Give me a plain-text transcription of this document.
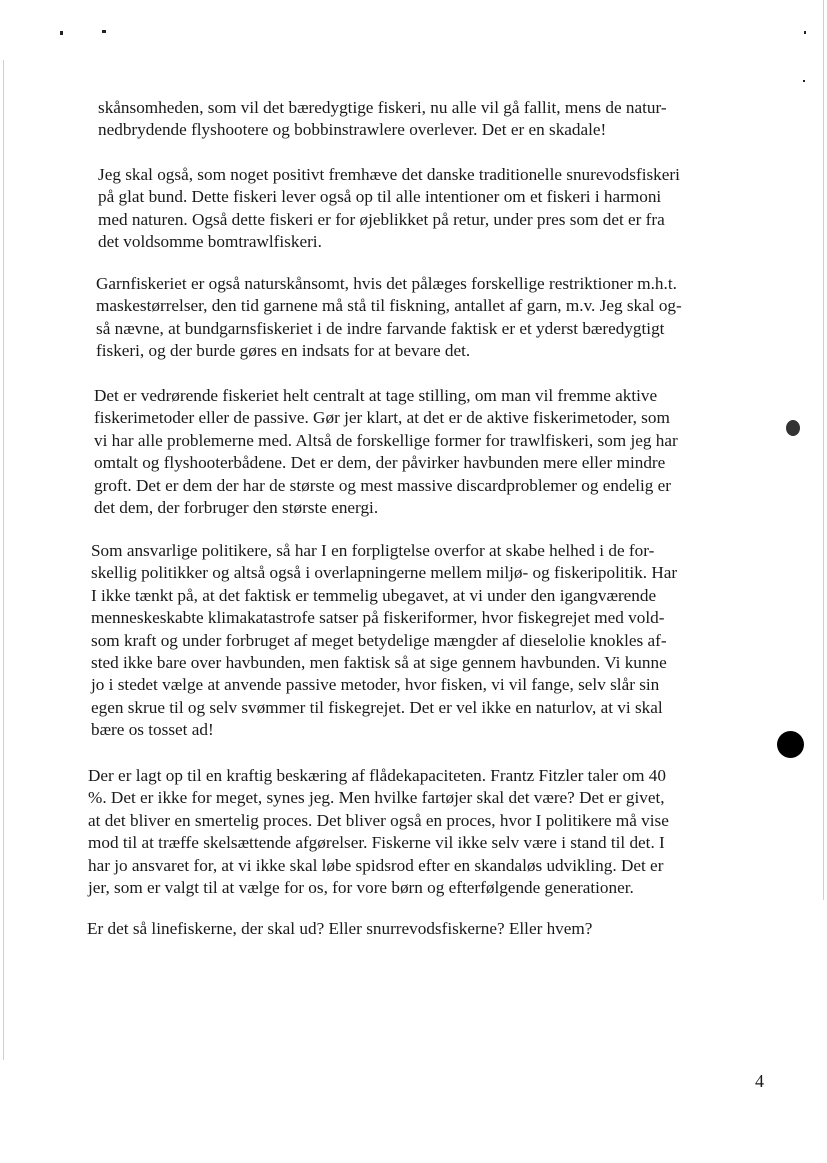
skånsomheden, som vil det bæredygtige fiskeri, nu alle vil gå fallit, mens de natur-
nedbrydende flyshootere og bobbinstrawlere overlever. Det er en skadale!
Jeg skal også, som noget positivt fremhæve det danske traditionelle snurevodsfiskeri
på glat bund. Dette fiskeri lever også op til alle intentioner om et fiskeri i harmoni
med naturen. Også dette fiskeri er for øjeblikket på retur, under pres som det er fra
det voldsomme bomtrawlfiskeri.
Garnfiskeriet er også naturskånsomt, hvis det pålæges forskellige restriktioner m.h.t.
maskestørrelser, den tid garnene må stå til fiskning, antallet af garn, m.v. Jeg skal og-
så nævne, at bundgarnsfiskeriet i de indre farvande faktisk er et yderst bæredygtigt
fiskeri, og der burde gøres en indsats for at bevare det.
Det er vedrørende fiskeriet helt centralt at tage stilling, om man vil fremme aktive
fiskerimetoder eller de passive. Gør jer klart, at det er de aktive fiskerimetoder, som
vi har alle problemerne med. Altså de forskellige former for trawlfiskeri, som jeg har
omtalt og flyshooterbådene. Det er dem, der påvirker havbunden mere eller mindre
groft. Det er dem der har de største og mest massive discardproblemer og endelig er
det dem, der forbruger den største energi.
Som ansvarlige politikere, så har I en forpligtelse overfor at skabe helhed i de for-
skellig politikker og altså også i overlapningerne mellem miljø- og fiskeripolitik. Har
I ikke tænkt på, at det faktisk er temmelig ubegavet, at vi under den igangværende
menneskeskabte klimakatastrofe satser på fiskeriformer, hvor fiskegrejet med vold-
som kraft og under forbruget af meget betydelige mængder af dieselolie knokles af-
sted ikke bare over havbunden, men faktisk så at sige gennem havbunden. Vi kunne
jo i stedet vælge at anvende passive metoder, hvor fisken, vi vil fange, selv slår sin
egen skrue til og selv svømmer til fiskegrejet. Det er vel ikke en naturlov, at vi skal
bære os tosset ad!
Der er lagt op til en kraftig beskæring af flådekapaciteten. Frantz Fitzler taler om 40
%. Det er ikke for meget, synes jeg. Men hvilke fartøjer skal det være? Det er givet,
at det bliver en smertelig proces. Det bliver også en proces, hvor I politikere må vise
mod til at træffe skelsættende afgørelser. Fiskerne vil ikke selv være i stand til det. I
har jo ansvaret for, at vi ikke skal løbe spidsrod efter en skandaløs udvikling. Det er
jer, som er valgt til at vælge for os, for vore børn og efterfølgende generationer.
Er det så linefiskerne, der skal ud? Eller snurrevodsfiskerne? Eller hvem?
4
